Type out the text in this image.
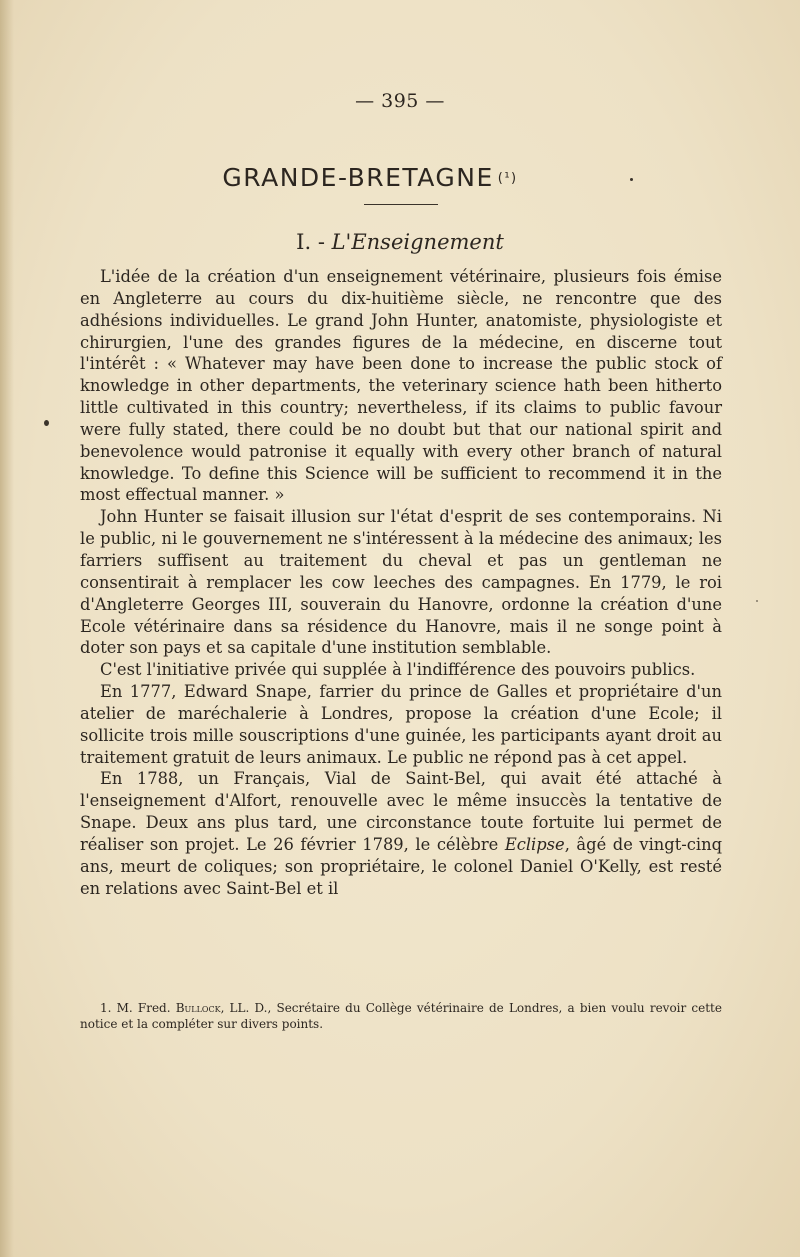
— 395 —
GRANDE-BRETAGNE (¹)
I. - L'Enseignement

L'idée de la création d'un enseignement vétérinaire, plusieurs fois émise en Angleterre au cours du dix-huitième siècle, ne rencontre que des adhésions individuelles. Le grand John Hunter, anatomiste, physiologiste et chirurgien, l'une des grandes figures de la médecine, en discerne tout l'intérêt : « Whatever may have been done to increase the public stock of knowledge in other departments, the veterinary science hath been hitherto little cultivated in this country; nevertheless, if its claims to public favour were fully stated, there could be no doubt but that our national spirit and benevolence would patronise it equally with every other branch of natural knowledge. To define this Science will be sufficient to recommend it in the most effectual manner. »

John Hunter se faisait illusion sur l'état d'esprit de ses contemporains. Ni le public, ni le gouvernement ne s'intéressent à la médecine des animaux; les farriers suffisent au traitement du cheval et pas un gentleman ne consentirait à remplacer les cow leeches des campagnes. En 1779, le roi d'Angleterre Georges III, souverain du Hanovre, ordonne la création d'une Ecole vétérinaire dans sa résidence du Hanovre, mais il ne songe point à doter son pays et sa capitale d'une institution semblable.

C'est l'initiative privée qui supplée à l'indifférence des pouvoirs publics.

En 1777, Edward Snape, farrier du prince de Galles et propriétaire d'un atelier de maréchalerie à Londres, propose la création d'une Ecole; il sollicite trois mille souscriptions d'une guinée, les participants ayant droit au traitement gratuit de leurs animaux. Le public ne répond pas à cet appel.

En 1788, un Français, Vial de Saint-Bel, qui avait été attaché à l'enseignement d'Alfort, renouvelle avec le même insuccès la tentative de Snape. Deux ans plus tard, une circonstance toute fortuite lui permet de réaliser son projet. Le 26 février 1789, le célèbre Eclipse, âgé de vingt-cinq ans, meurt de coliques; son propriétaire, le colonel Daniel O'Kelly, est resté en relations avec Saint-Bel et il

1. M. Fred. Bullock, LL. D., Secrétaire du Collège vétérinaire de Londres, a bien voulu revoir cette notice et la compléter sur divers points.
